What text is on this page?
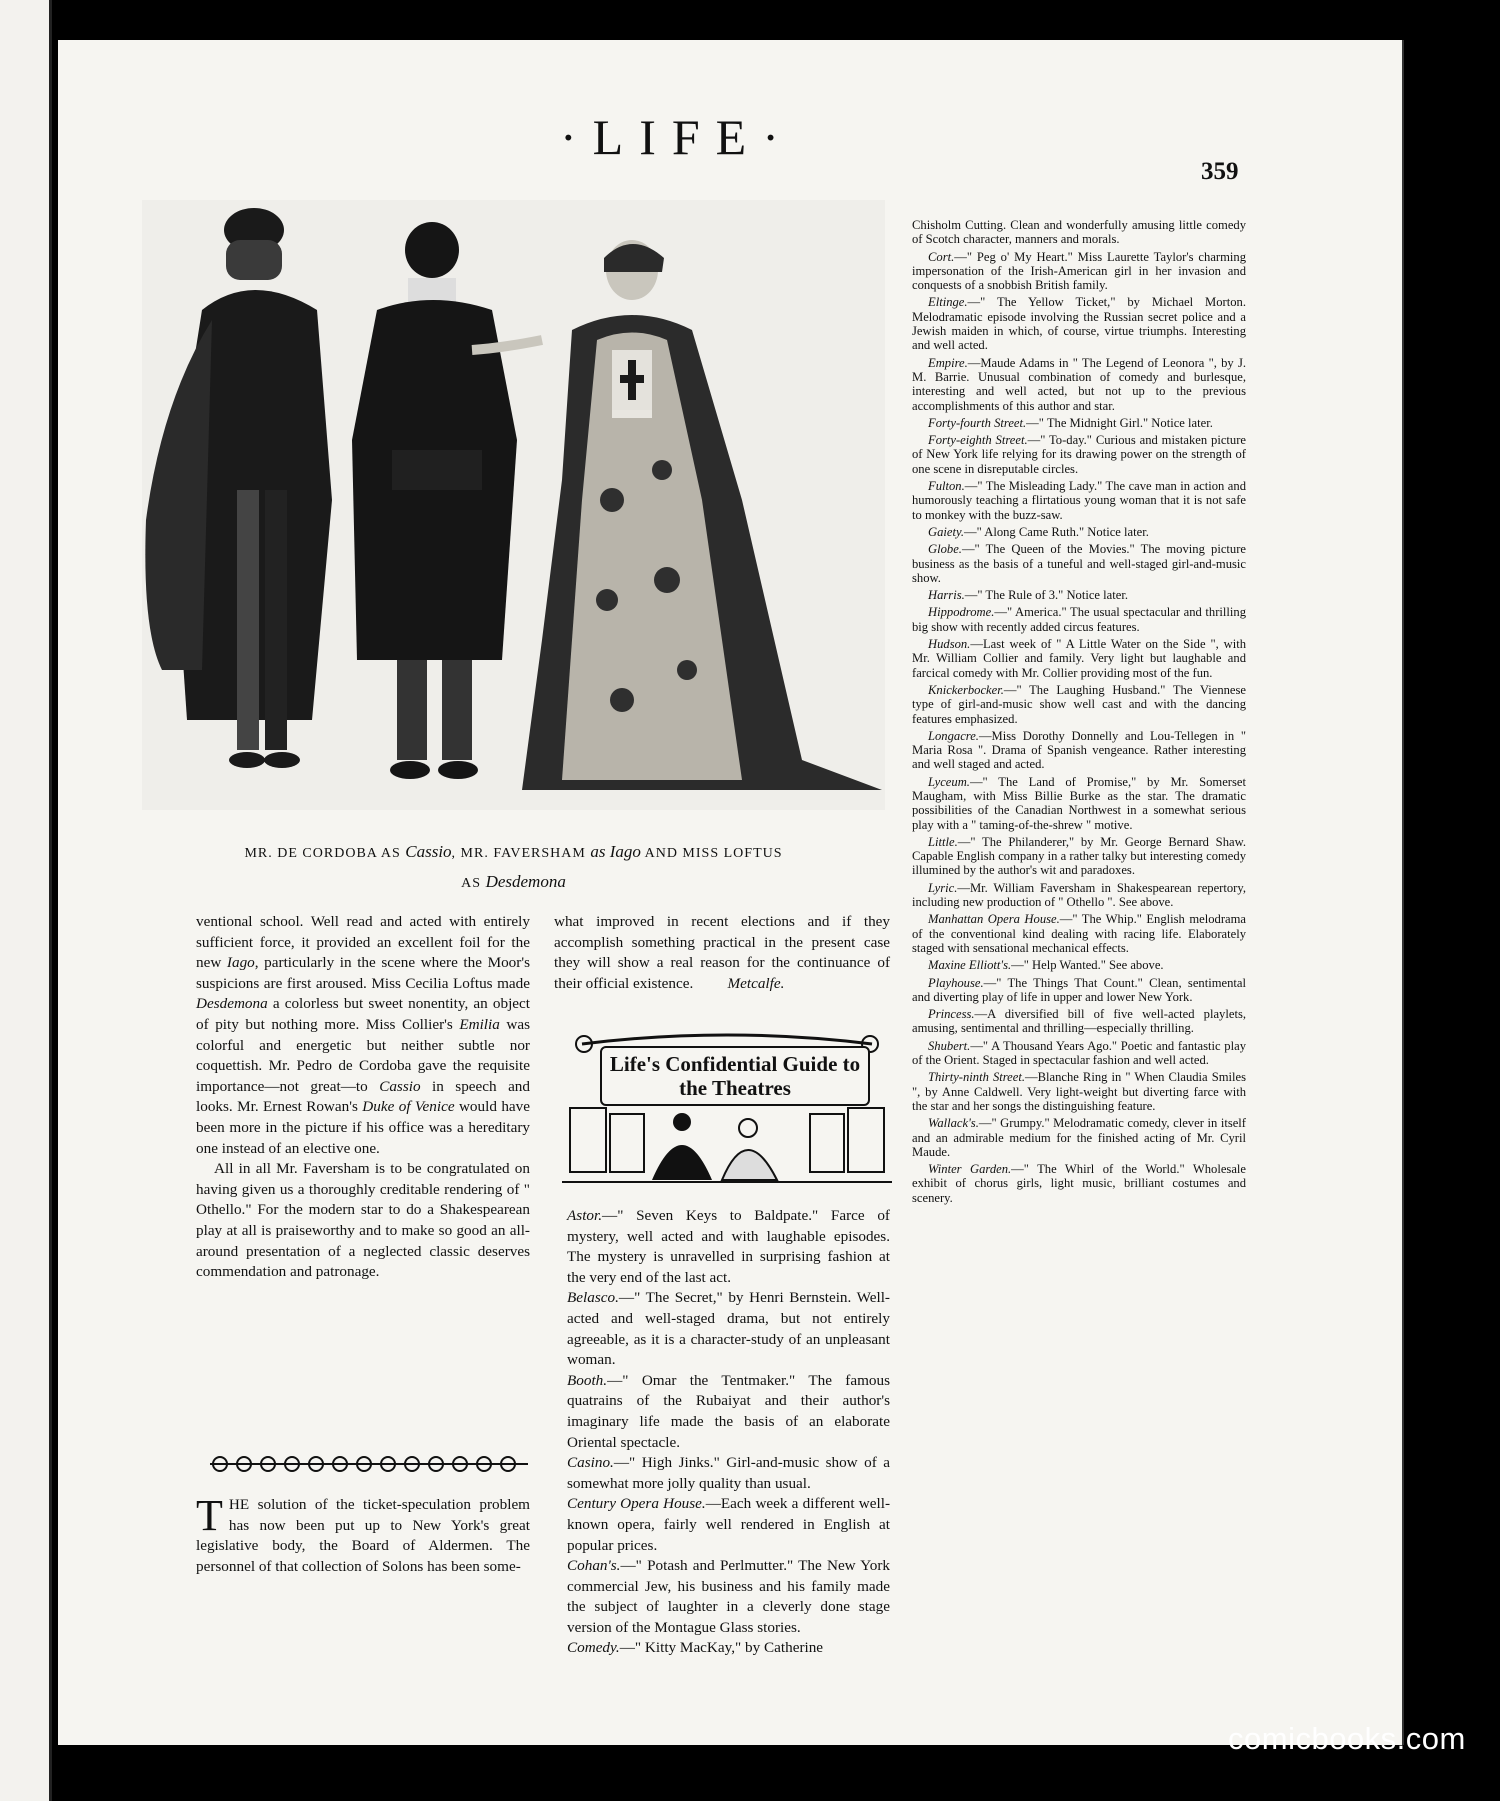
·LIFE·
359
MR. DE CORDOBA AS Cassio, MR. FAVERSHAM as Iago AND MISS LOFTUS
AS Desdemona

ventional school. Well read and acted with entirely sufficient force, it provided an excellent foil for the new Iago, particularly in the scene where the Moor's suspicions are first aroused. Miss Cecilia Loftus made Desdemona a colorless but sweet nonentity, an object of pity but nothing more. Miss Collier's Emilia was colorful and energetic but neither subtle nor coquettish. Mr. Pedro de Cordoba gave the requisite importance—not great—to Cassio in speech and looks. Mr. Ernest Rowan's Duke of Venice would have been more in the picture if his office was a hereditary one instead of an elective one.

All in all Mr. Faversham is to be congratulated on having given us a thoroughly creditable rendering of " Othello." For the modern star to do a Shakespearean play at all is praiseworthy and to make so good an all-around presentation of a neglected classic deserves commendation and patronage.

THE solution of the ticket-speculation problem has now been put up to New York's great legislative body, the Board of Aldermen. The personnel of that collection of Solons has been some-

what improved in recent elections and if they accomplish something practical in the present case they will show a real reason for the continuance of their official existence. Metcalfe.

Life's Confidential Guide to the Theatres

Astor.—" Seven Keys to Baldpate." Farce of mystery, well acted and with laughable episodes. The mystery is unravelled in surprising fashion at the very end of the last act.

Belasco.—" The Secret," by Henri Bernstein. Well-acted and well-staged drama, but not entirely agreeable, as it is a character-study of an unpleasant woman.

Booth.—" Omar the Tentmaker." The famous quatrains of the Rubaiyat and their author's imaginary life made the basis of an elaborate Oriental spectacle.

Casino.—" High Jinks." Girl-and-music show of a somewhat more jolly quality than usual.

Century Opera House.—Each week a different well-known opera, fairly well rendered in English at popular prices.

Cohan's.—" Potash and Perlmutter." The New York commercial Jew, his business and his family made the subject of laughter in a cleverly done stage version of the Montague Glass stories.

Comedy.—" Kitty MacKay," by Catherine

Chisholm Cutting. Clean and wonderfully amusing little comedy of Scotch character, manners and morals.

Cort.—" Peg o' My Heart." Miss Laurette Taylor's charming impersonation of the Irish-American girl in her invasion and conquests of a snobbish British family.

Eltinge.—" The Yellow Ticket," by Michael Morton. Melodramatic episode involving the Russian secret police and a Jewish maiden in which, of course, virtue triumphs. Interesting and well acted.

Empire.—Maude Adams in " The Legend of Leonora ", by J. M. Barrie. Unusual combination of comedy and burlesque, interesting and well acted, but not up to the previous accomplishments of this author and star.

Forty-fourth Street.—" The Midnight Girl." Notice later.

Forty-eighth Street.—" To-day." Curious and mistaken picture of New York life relying for its drawing power on the strength of one scene in disreputable circles.

Fulton.—" The Misleading Lady." The cave man in action and humorously teaching a flirtatious young woman that it is not safe to monkey with the buzz-saw.

Gaiety.—" Along Came Ruth." Notice later.

Globe.—" The Queen of the Movies." The moving picture business as the basis of a tuneful and well-staged girl-and-music show.

Harris.—" The Rule of 3." Notice later.

Hippodrome.—" America." The usual spectacular and thrilling big show with recently added circus features.

Hudson.—Last week of " A Little Water on the Side ", with Mr. William Collier and family. Very light but laughable and farcical comedy with Mr. Collier providing most of the fun.

Knickerbocker.—" The Laughing Husband." The Viennese type of girl-and-music show well cast and with the dancing features emphasized.

Longacre.—Miss Dorothy Donnelly and Lou-Tellegen in " Maria Rosa ". Drama of Spanish vengeance. Rather interesting and well staged and acted.

Lyceum.—" The Land of Promise," by Mr. Somerset Maugham, with Miss Billie Burke as the star. The dramatic possibilities of the Canadian Northwest in a somewhat serious play with a " taming-of-the-shrew " motive.

Little.—" The Philanderer," by Mr. George Bernard Shaw. Capable English company in a rather talky but interesting comedy illumined by the author's wit and paradoxes.

Lyric.—Mr. William Faversham in Shakespearean repertory, including new production of " Othello ". See above.

Manhattan Opera House.—" The Whip." English melodrama of the conventional kind dealing with racing life. Elaborately staged with sensational mechanical effects.

Maxine Elliott's.—" Help Wanted." See above.

Playhouse.—" The Things That Count." Clean, sentimental and diverting play of life in upper and lower New York.

Princess.—A diversified bill of five well-acted playlets, amusing, sentimental and thrilling—especially thrilling.

Shubert.—" A Thousand Years Ago." Poetic and fantastic play of the Orient. Staged in spectacular fashion and well acted.

Thirty-ninth Street.—Blanche Ring in " When Claudia Smiles ", by Anne Caldwell. Very light-weight but diverting farce with the star and her songs the distinguishing feature.

Wallack's.—" Grumpy." Melodramatic comedy, clever in itself and an admirable medium for the finished acting of Mr. Cyril Maude.

Winter Garden.—" The Whirl of the World." Wholesale exhibit of chorus girls, light music, brilliant costumes and scenery.

comicbooks.com
